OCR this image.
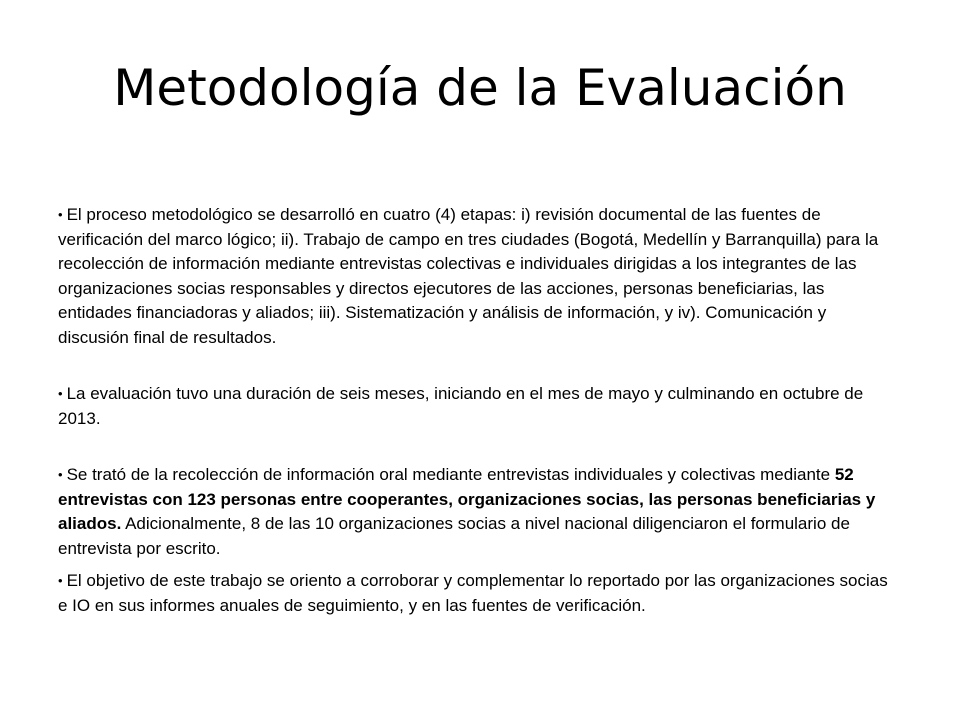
Metodología de la Evaluación

• El proceso metodológico se desarrolló en cuatro (4) etapas: i) revisión documental de las fuentes de verificación del marco lógico; ii). Trabajo de campo en tres ciudades (Bogotá, Medellín y Barranquilla) para la recolección de información mediante entrevistas colectivas e individuales dirigidas a los integrantes de las organizaciones socias responsables y directos ejecutores de las acciones, personas beneficiarias, las entidades financiadoras y aliados; iii). Sistematización y análisis de información, y iv). Comunicación y discusión final de resultados.

• La evaluación tuvo una duración de seis meses, iniciando en el mes de mayo y culminando en octubre de 2013.

• Se trató de la recolección de información oral mediante entrevistas individuales y colectivas mediante 52 entrevistas con 123 personas entre cooperantes, organizaciones socias, las personas beneficiarias y aliados. Adicionalmente, 8 de las 10 organizaciones socias a nivel nacional diligenciaron el formulario de entrevista por escrito.

• El objetivo de este trabajo se oriento a corroborar y complementar lo reportado por las organizaciones socias e IO en sus informes anuales de seguimiento, y en las fuentes de verificación.
